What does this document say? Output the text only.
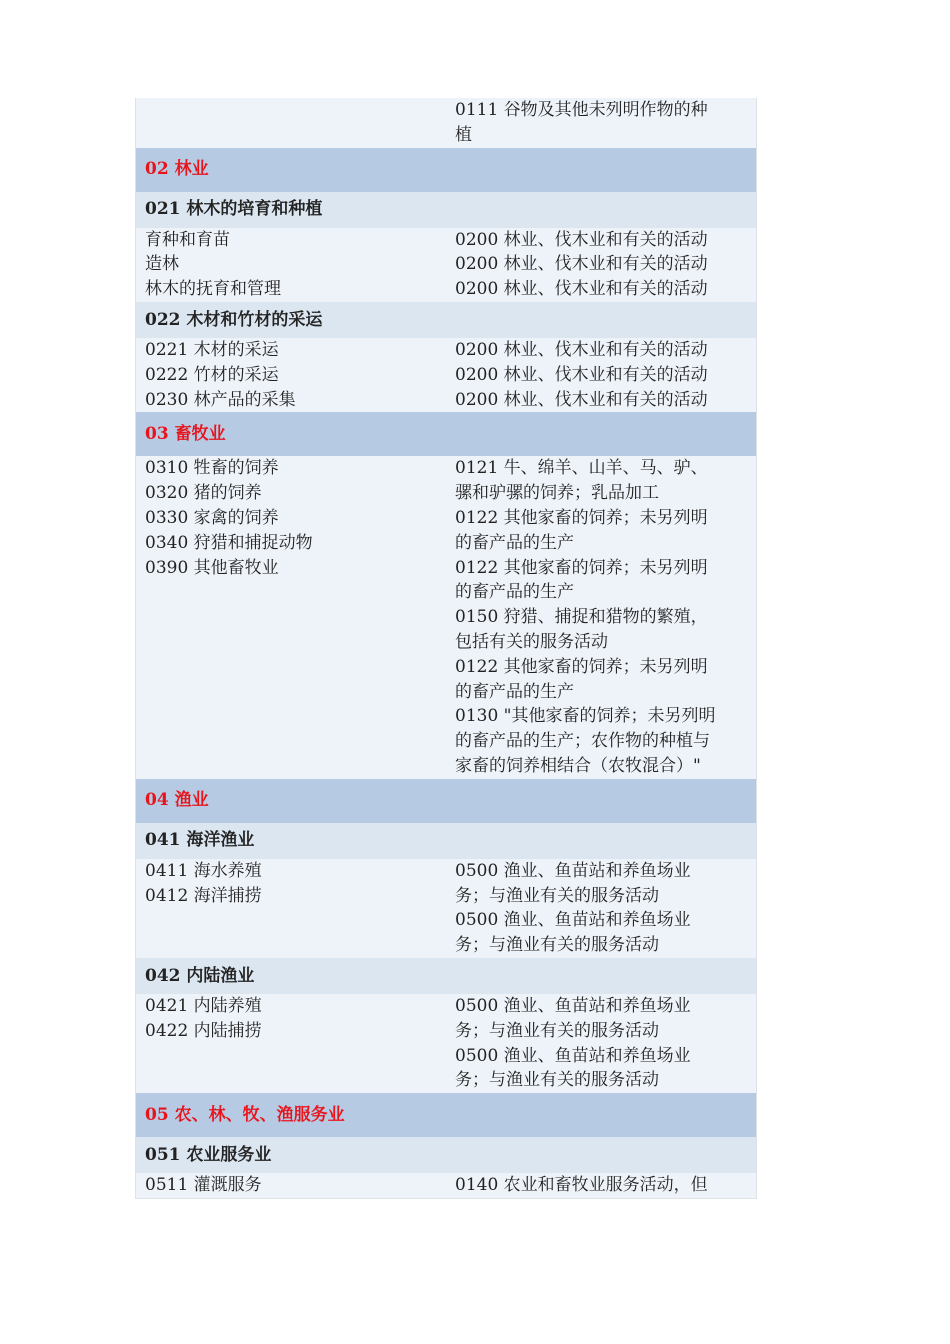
0111 谷物及其他未列明作物的种
植
02 林业
021 林木的培育和种植
育种和育苗
造林
林木的抚育和管理
0200 林业、伐木业和有关的活动
0200 林业、伐木业和有关的活动
0200 林业、伐木业和有关的活动
022 木材和竹材的采运
0221 木材的采运
0222 竹材的采运
0230 林产品的采集
0200 林业、伐木业和有关的活动
0200 林业、伐木业和有关的活动
0200 林业、伐木业和有关的活动
03 畜牧业
0310 牲畜的饲养
0320 猪的饲养
0330 家禽的饲养
0340 狩猎和捕捉动物
0390 其他畜牧业
0121 牛、绵羊、山羊、马、驴、
骡和驴骡的饲养；乳品加工
0122 其他家畜的饲养；未另列明
的畜产品的生产
0122 其他家畜的饲养；未另列明
的畜产品的生产
0150 狩猎、捕捉和猎物的繁殖，
包括有关的服务活动
0122 其他家畜的饲养；未另列明
的畜产品的生产
0130 "其他家畜的饲养；未另列明
的畜产品的生产；农作物的种植与
家畜的饲养相结合（农牧混合）"
04 渔业
041 海洋渔业
0411 海水养殖
0412 海洋捕捞
0500 渔业、鱼苗站和养鱼场业
务；与渔业有关的服务活动
0500 渔业、鱼苗站和养鱼场业
务；与渔业有关的服务活动
042 内陆渔业
0421 内陆养殖
0422 内陆捕捞
0500 渔业、鱼苗站和养鱼场业
务；与渔业有关的服务活动
0500 渔业、鱼苗站和养鱼场业
务；与渔业有关的服务活动
05 农、林、牧、渔服务业
051 农业服务业
0511 灌溉服务	0140 农业和畜牧业服务活动，但
